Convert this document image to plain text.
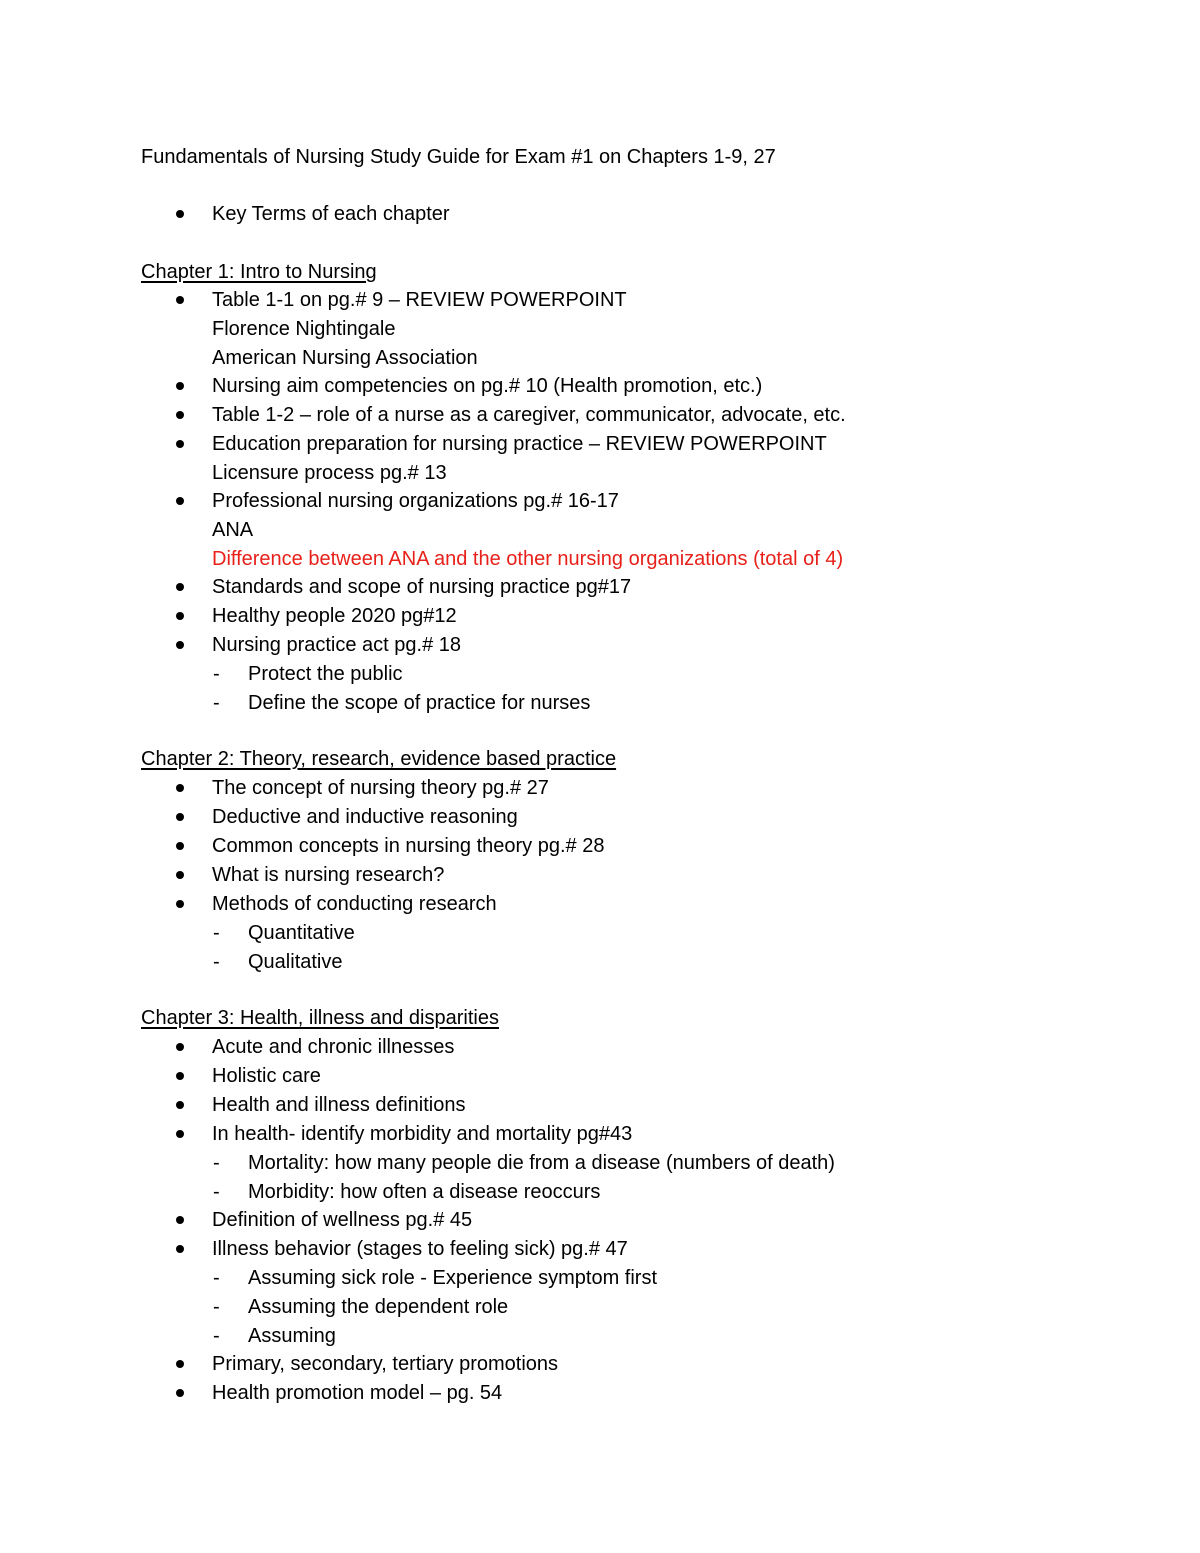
Fundamentals of Nursing Study Guide for Exam #1 on Chapters 1-9, 27
Key Terms of each chapter
Chapter 1: Intro to Nursing
Table 1-1 on pg.# 9 – REVIEW POWERPOINT
Florence Nightingale
American Nursing Association
Nursing aim competencies on pg.# 10 (Health promotion, etc.)
Table 1-2 – role of a nurse as a caregiver, communicator, advocate, etc.
Education preparation for nursing practice – REVIEW POWERPOINT
Licensure process pg.# 13
Professional nursing organizations pg.# 16-17
ANA
Difference between ANA and the other nursing organizations (total of 4)
Standards and scope of nursing practice pg#17
Healthy people 2020 pg#12
Nursing practice act pg.# 18
- Protect the public
- Define the scope of practice for nurses
Chapter 2: Theory, research, evidence based practice
The concept of nursing theory pg.# 27
Deductive and inductive reasoning
Common concepts in nursing theory pg.# 28
What is nursing research?
Methods of conducting research
- Quantitative
- Qualitative
Chapter 3: Health, illness and disparities
Acute and chronic illnesses
Holistic care
Health and illness definitions
In health- identify morbidity and mortality pg#43
- Mortality: how many people die from a disease (numbers of death)
- Morbidity: how often a disease reoccurs
Definition of wellness pg.# 45
Illness behavior (stages to feeling sick) pg.# 47
- Assuming sick role - Experience symptom first
- Assuming the dependent role
- Assuming
Primary, secondary, tertiary promotions
Health promotion model – pg. 54
